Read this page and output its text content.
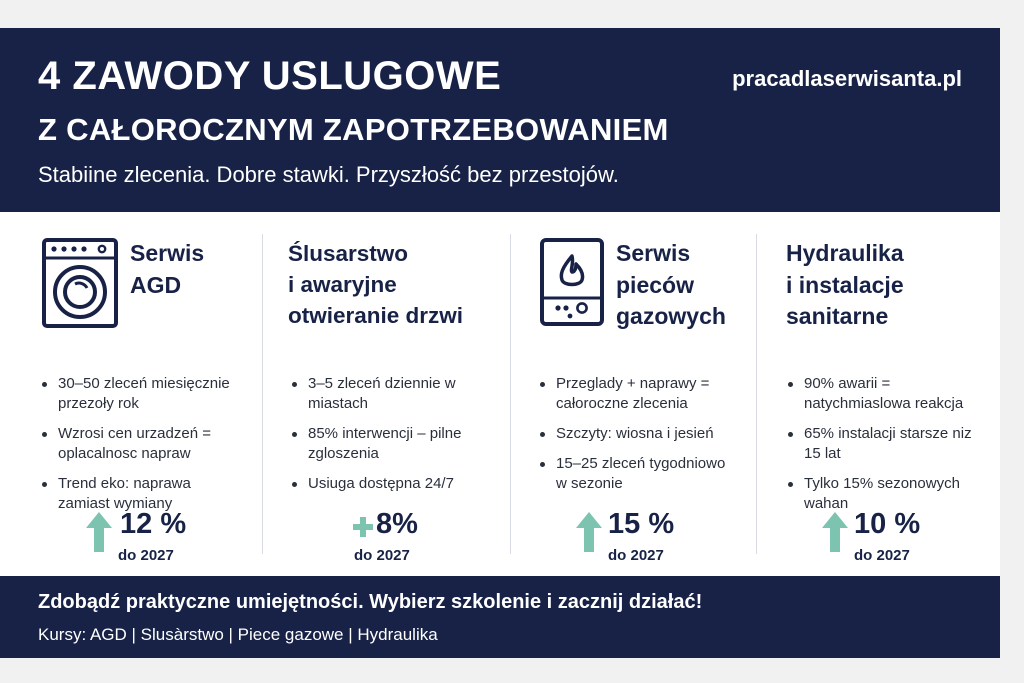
4 ZAWODY USLUGOWE
Z CAŁOROCZNYM ZAPOTRZEBOWANIEM
pracadlaserwisanta.pl
Stabiine zlecenia. Dobre stawki. Przyszłość bez przestojów.
Serwis
AGD
30–50 zleceń miesięcznie przezoły rok
Wzrosi cen urzadzeń = oplacalnosc napraw
Trend eko: naprawa zamiast wymiany
12 %
do 2027
Ślusarstwo
i awaryjne
otwieranie drzwi
3–5 zleceń dziennie w miastach
85% interwencji – pilne zgloszenia
Usiuga dostępna 24/7
8%
do 2027
Serwis
pieców
gazowych
Przeglady + naprawy = całoroczne zlecenia
Szczyty: wiosna i jesień
15–25 zleceń tygodniowo w sezonie
15 %
do 2027
Hydraulika
i instalacje
sanitarne
90% awarii = natychmiaslowa reakcja
65% instalacji starsze niz 15 lat
Tylko 15% sezonowych wahan
10 %
do 2027
Zdobądź praktyczne umiejętności. Wybierz szkolenie i zacznij działać!
Kursy: AGD | Slusàrstwo | Piece gazowe | Hydraulika
